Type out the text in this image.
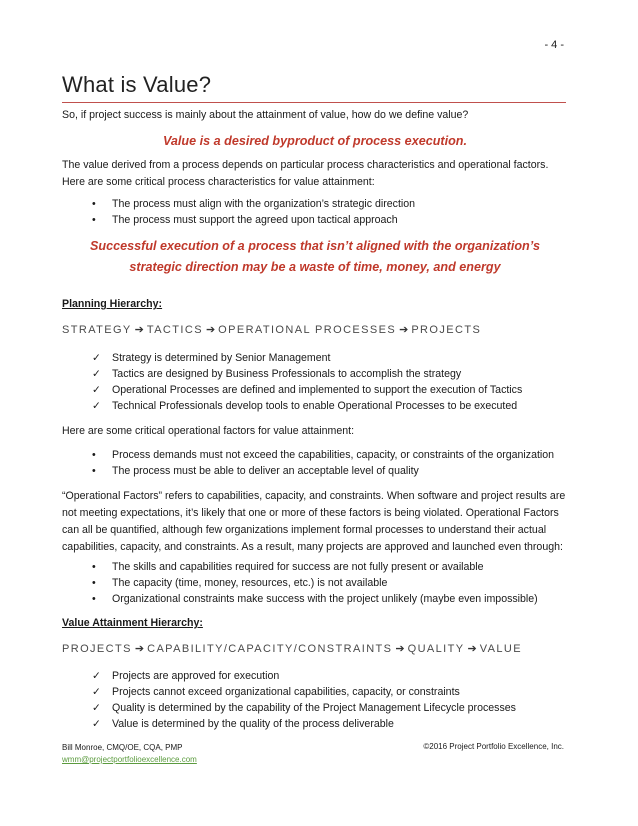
- 4 -
What is Value?
So, if project success is mainly about the attainment of value, how do we define value?
Value is a desired byproduct of process execution.
The value derived from a process depends on particular process characteristics and operational factors. Here are some critical process characteristics for value attainment:
•	The process must align with the organization’s strategic direction
•	The process must support the agreed upon tactical approach
Successful execution of a process that isn’t aligned with the organization’s
strategic direction may be a waste of time, money, and energy
Planning Hierarchy:
STRATEGY ➔ TACTICS ➔ OPERATIONAL PROCESSES ➔ PROJECTS
✓	Strategy is determined by Senior Management
✓	Tactics are designed by Business Professionals to accomplish the strategy
✓	Operational Processes are defined and implemented to support the execution of Tactics
✓	Technical Professionals develop tools to enable Operational Processes to be executed
Here are some critical operational factors for value attainment:
•	Process demands must not exceed the capabilities, capacity, or constraints of the organization
•	The process must be able to deliver an acceptable level of quality
“Operational Factors” refers to capabilities, capacity, and constraints. When software and project results are not meeting expectations, it’s likely that one or more of these factors is being violated. Operational Factors can all be quantified, although few organizations implement formal processes to understand their actual capabilities, capacity, and constraints. As a result, many projects are approved and launched even through:
•	The skills and capabilities required for success are not fully present or available
•	The capacity (time, money, resources, etc.) is not available
•	Organizational constraints make success with the project unlikely (maybe even impossible)
Value Attainment Hierarchy:
PROJECTS ➔ CAPABILITY/CAPACITY/CONSTRAINTS ➔ QUALITY ➔ VALUE
✓	Projects are approved for execution
✓	Projects cannot exceed organizational capabilities, capacity, or constraints
✓	Quality is determined by the capability of the Project Management Lifecycle processes
✓	Value is determined by the quality of the process deliverable
Bill Monroe, CMQ/OE, CQA, PMP
wmm@projectportfolioexcellence.com
©2016 Project Portfolio Excellence, Inc.
